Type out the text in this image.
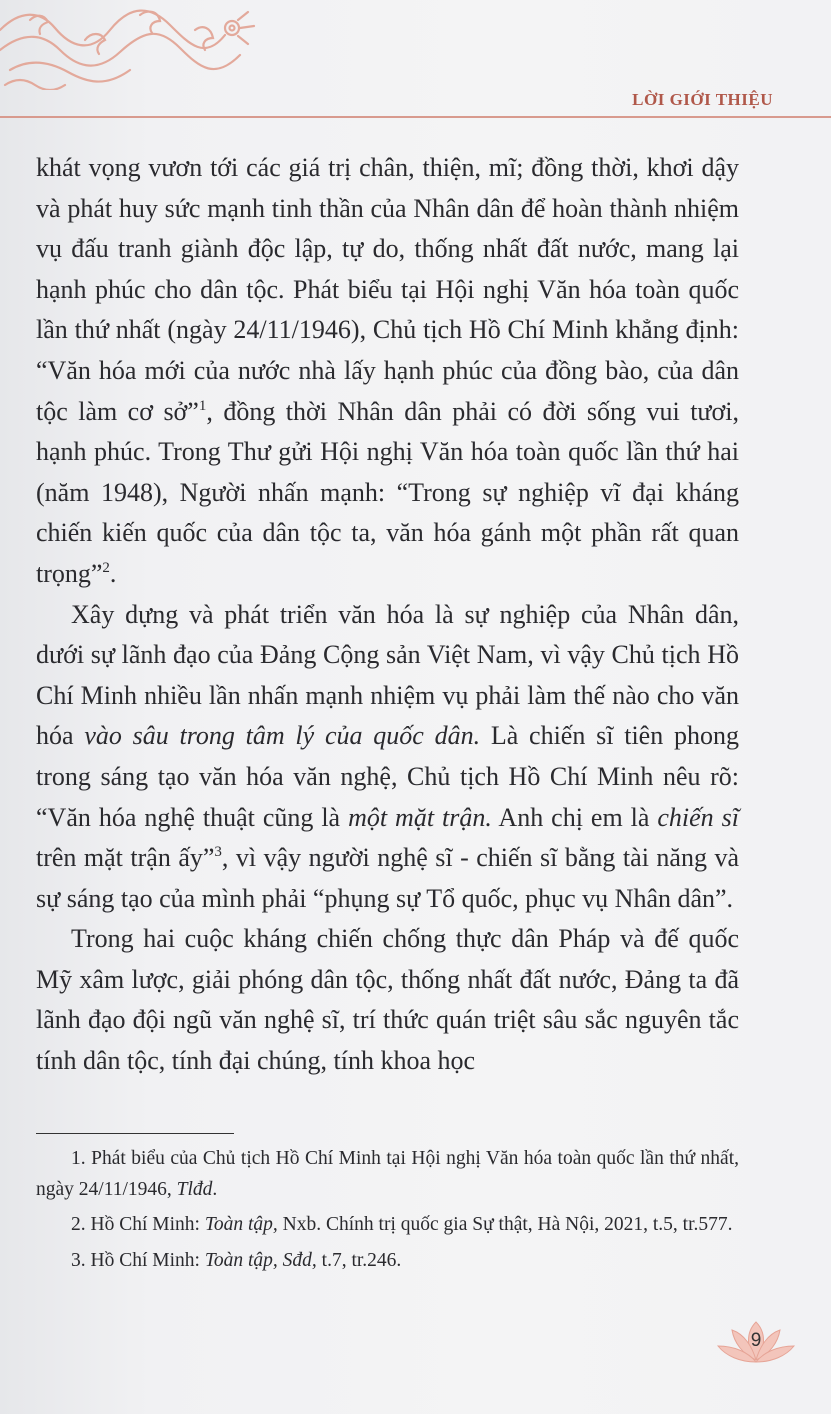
LỜI GIỚI THIỆU

khát vọng vươn tới các giá trị chân, thiện, mĩ; đồng thời, khơi dậy và phát huy sức mạnh tinh thần của Nhân dân để hoàn thành nhiệm vụ đấu tranh giành độc lập, tự do, thống nhất đất nước, mang lại hạnh phúc cho dân tộc. Phát biểu tại Hội nghị Văn hóa toàn quốc lần thứ nhất (ngày 24/11/1946), Chủ tịch Hồ Chí Minh khẳng định: “Văn hóa mới của nước nhà lấy hạnh phúc của đồng bào, của dân tộc làm cơ sở”$^1$, đồng thời Nhân dân phải có đời sống vui tươi, hạnh phúc. Trong Thư gửi Hội nghị Văn hóa toàn quốc lần thứ hai (năm 1948), Người nhấn mạnh: “Trong sự nghiệp vĩ đại kháng chiến kiến quốc của dân tộc ta, văn hóa gánh một phần rất quan trọng”$^2$.

Xây dựng và phát triển văn hóa là sự nghiệp của Nhân dân, dưới sự lãnh đạo của Đảng Cộng sản Việt Nam, vì vậy Chủ tịch Hồ Chí Minh nhiều lần nhấn mạnh nhiệm vụ phải làm thế nào cho văn hóa vào sâu trong tâm lý của quốc dân. Là chiến sĩ tiên phong trong sáng tạo văn hóa văn nghệ, Chủ tịch Hồ Chí Minh nêu rõ: “Văn hóa nghệ thuật cũng là một mặt trận. Anh chị em là chiến sĩ trên mặt trận ấy”$^3$, vì vậy người nghệ sĩ - chiến sĩ bằng tài năng và sự sáng tạo của mình phải “phụng sự Tổ quốc, phục vụ Nhân dân”.

Trong hai cuộc kháng chiến chống thực dân Pháp và đế quốc Mỹ xâm lược, giải phóng dân tộc, thống nhất đất nước, Đảng ta đã lãnh đạo đội ngũ văn nghệ sĩ, trí thức quán triệt sâu sắc nguyên tắc tính dân tộc, tính đại chúng, tính khoa học

1. Phát biểu của Chủ tịch Hồ Chí Minh tại Hội nghị Văn hóa toàn quốc lần thứ nhất, ngày 24/11/1946, Tlđd.

2. Hồ Chí Minh: Toàn tập, Nxb. Chính trị quốc gia Sự thật, Hà Nội, 2021, t.5, tr.577.

3. Hồ Chí Minh: Toàn tập, Sđd, t.7, tr.246.

9
